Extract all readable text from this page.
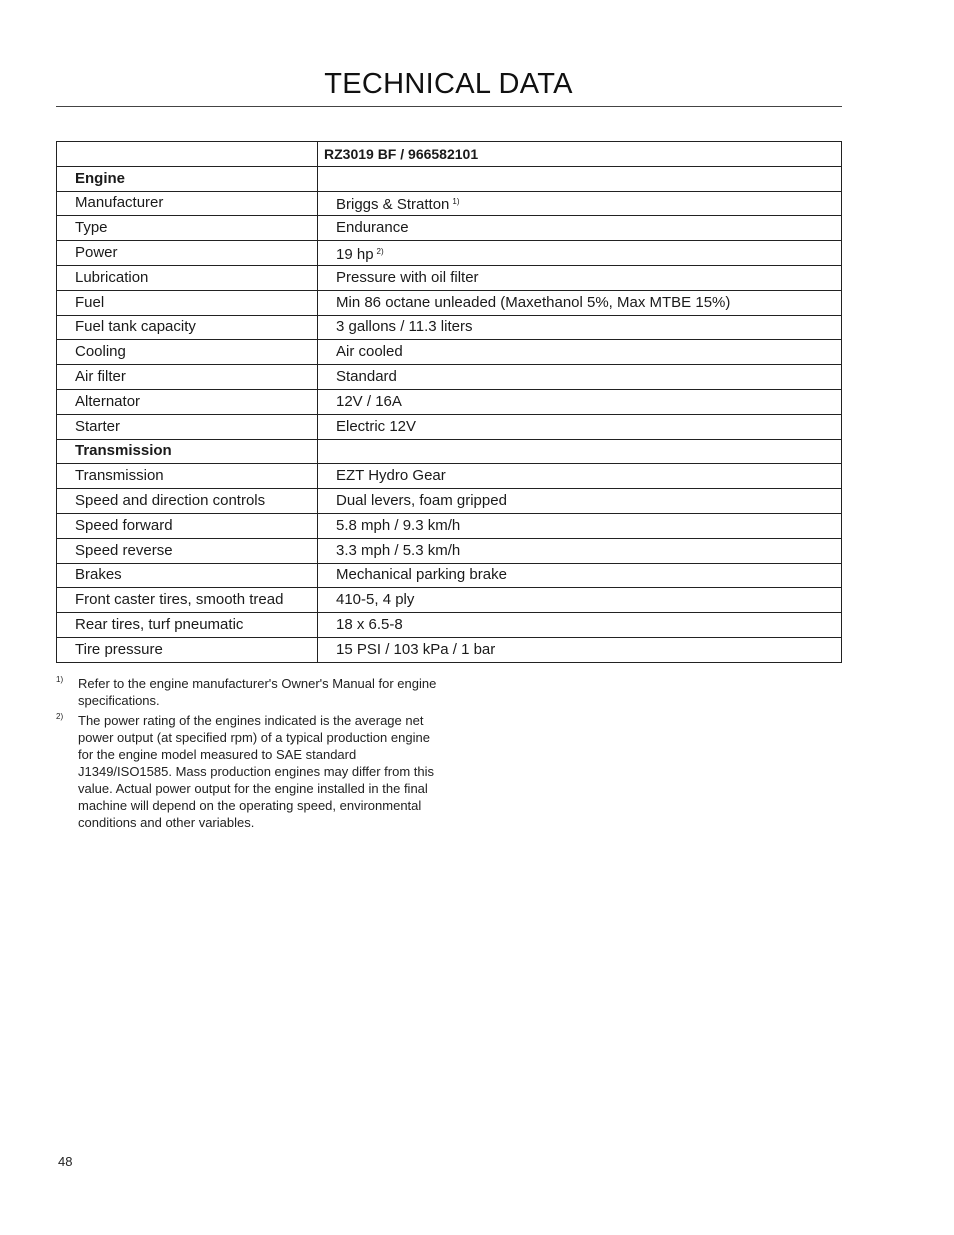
TECHNICAL DATA
	RZ3019 BF / 966582101
Engine	
Manufacturer	Briggs & Stratton $^{1)}$
Type	Endurance
Power	19 hp $^{2)}$
Lubrication	Pressure with oil filter
Fuel	Min 86 octane unleaded (Maxethanol 5%, Max MTBE 15%)
Fuel tank capacity	3 gallons / 11.3 liters
Cooling	Air cooled
Air filter	Standard
Alternator	12V / 16A
Starter	Electric 12V
Transmission	
Transmission	EZT Hydro Gear
Speed and direction controls	Dual levers, foam gripped
Speed forward	5.8 mph / 9.3 km/h
Speed reverse	3.3 mph / 5.3 km/h
Brakes	Mechanical parking brake
Front caster tires, smooth tread	410-5, 4 ply
Rear tires, turf pneumatic	18 x 6.5-8
Tire pressure	15 PSI / 103 kPa / 1 bar
1) Refer to the engine manufacturer's Owner's Manual for engine specifications.
2) The power rating of the engines indicated is the average net power output (at specified rpm) of a typical production engine for the engine model measured to SAE standard J1349/ISO1585. Mass production engines may differ from this value. Actual power output for the engine installed in the final machine will depend on the operating speed, environmental conditions and other variables.
48
